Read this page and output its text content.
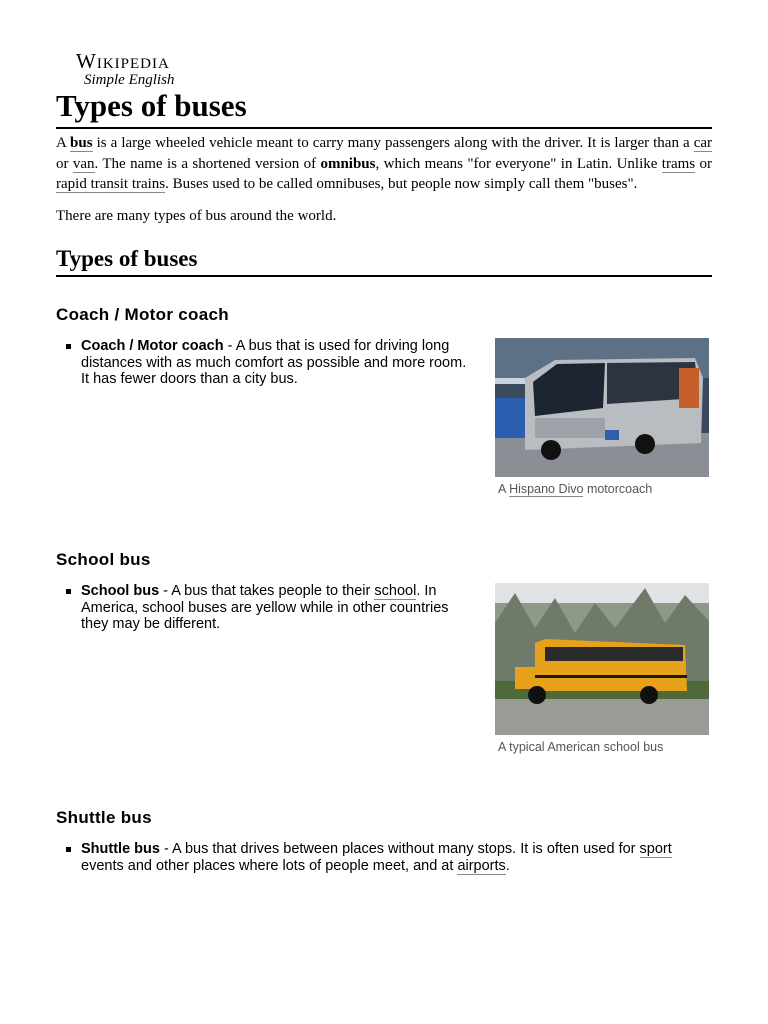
Wikipedia
Simple English
Types of buses

A bus is a large wheeled vehicle meant to carry many passengers along with the driver. It is larger than a car or van. The name is a shortened version of omnibus, which means "for everyone" in Latin. Unlike trams or rapid transit trains. Buses used to be called omnibuses, but people now simply call them "buses".

There are many types of bus around the world.

Types of buses
Coach / Motor coach
Coach / Motor coach - A bus that is used for driving long distances with as much comfort as possible and more room. It has fewer doors than a city bus.
A Hispano Divo motorcoach
School bus
School bus - A bus that takes people to their school. In America, school buses are yellow while in other countries they may be different.
A typical American school bus
Shuttle bus
Shuttle bus - A bus that drives between places without many stops. It is often used for sport events and other places where lots of people meet, and at airports.
